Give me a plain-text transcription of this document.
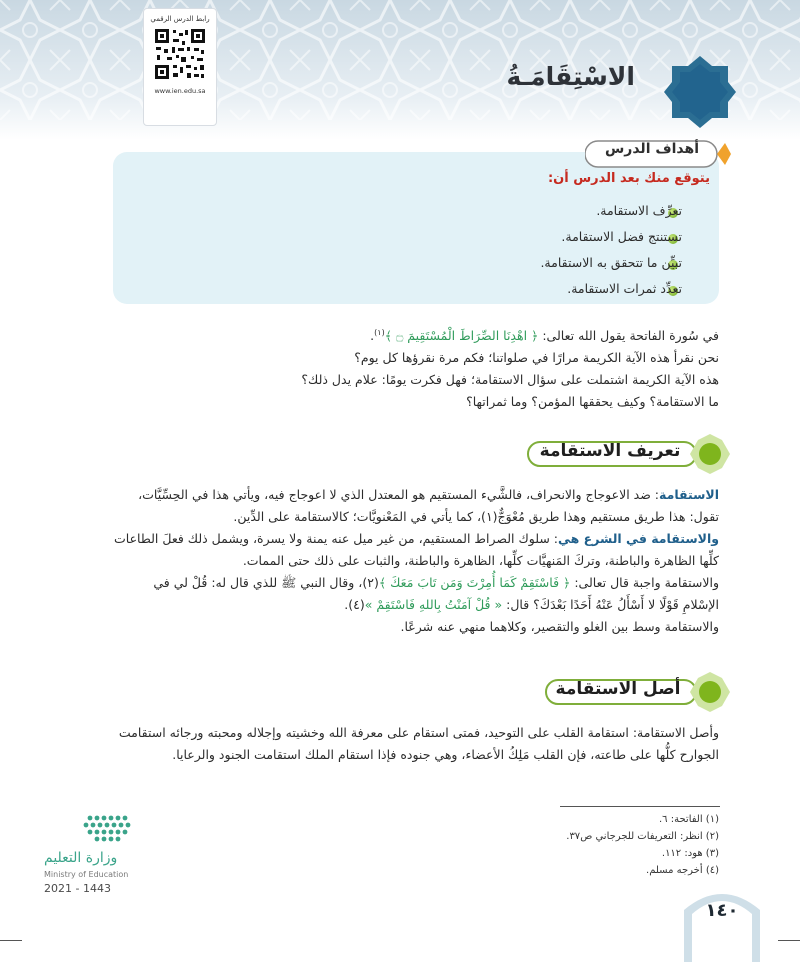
رابط الدرس الرقمي
www.ien.edu.sa	الاسْتِقَامَـةُ
أهداف الدرس
يتوقع منك بعد الدرس أن:
تعرِّف الاستقامة.
تستنتج فضل الاستقامة.
تبيِّن ما تتحقق به الاستقامة.
تعدِّد ثمرات الاستقامة.
في سُورة الفاتحة يقول الله تعالى: ﴿ اهْدِنَا الصِّرَاطَ الْمُسْتَقِيمَ ۝ ﴾$^{(١)}$.
نحن نقرأ هذه الآية الكريمة مرارًا في صلواتنا؛ فكم مرة نقرؤها كل يوم؟
هذه الآية الكريمة اشتملت على سؤال الاستقامة؛ فهل فكرت يومًا: علام يدل ذلك؟
ما الاستقامة؟ وكيف يحققها المؤمن؟ وما ثمراتها؟
تعريف الاستقامة
الاستقامة: ضد الاعوجاج والانحراف، فالشَّيء المستقيم هو المعتدل الذي لا اعوجاج فيه، ويأتي هذا في الحِسِّيَّات،
تقول: هذا طريق مستقيم وهذا طريق مُعْوَجٌّ(١)، كما يأتي في المَعْنويَّات؛ كالاستقامة على الدِّين.
والاستقامة في الشرع هي: سلوك الصراط المستقيم، من غير ميل عنه يمنة ولا يسرة، ويشمل ذلك فعلَ الطاعات
كلِّها الظاهرة والباطنة، وتركَ المَنهيَّات كلِّها، الظاهرة والباطنة، والثبات على ذلك حتى الممات.
والاستقامة واجبة قال تعالى: ﴿ فَاسْتَقِمْ كَمَا أُمِرْتَ وَمَن تَابَ مَعَكَ ﴾(٢)، وقال النبي ﷺ للذي قال له: قُلْ لي في
الإسْلامِ قَوْلًا لا أَسْأَلُ عَنْهُ أَحَدًا بَعْدَكَ؟ قال: « قُلْ آمَنْتُ بِاللهِ فَاسْتَقِمْ »(٤).
والاستقامة وسط بين الغلو والتقصير، وكلاهما منهي عنه شرعًا.
أصل الاستقامة
وأصل الاستقامة: استقامة القلب على التوحيد، فمتى استقام على معرفة الله وخشيته وإجلاله ومحبته ورجائه استقامت
الجوارح كلُّها على طاعته، فإن القلب مَلِكُ الأعضاء، وهي جنوده فإذا استقام الملك استقامت الجنود والرعايا.
(١) الفاتحة: ٦.
(٢) انظر: التعريفات للجرجاني ص٣٧.
(٣) هود: ١١٢.
(٤) أخرجه مسلم.
وزارة التعليم
Ministry of Education
2021 - 1443
١٤٠
